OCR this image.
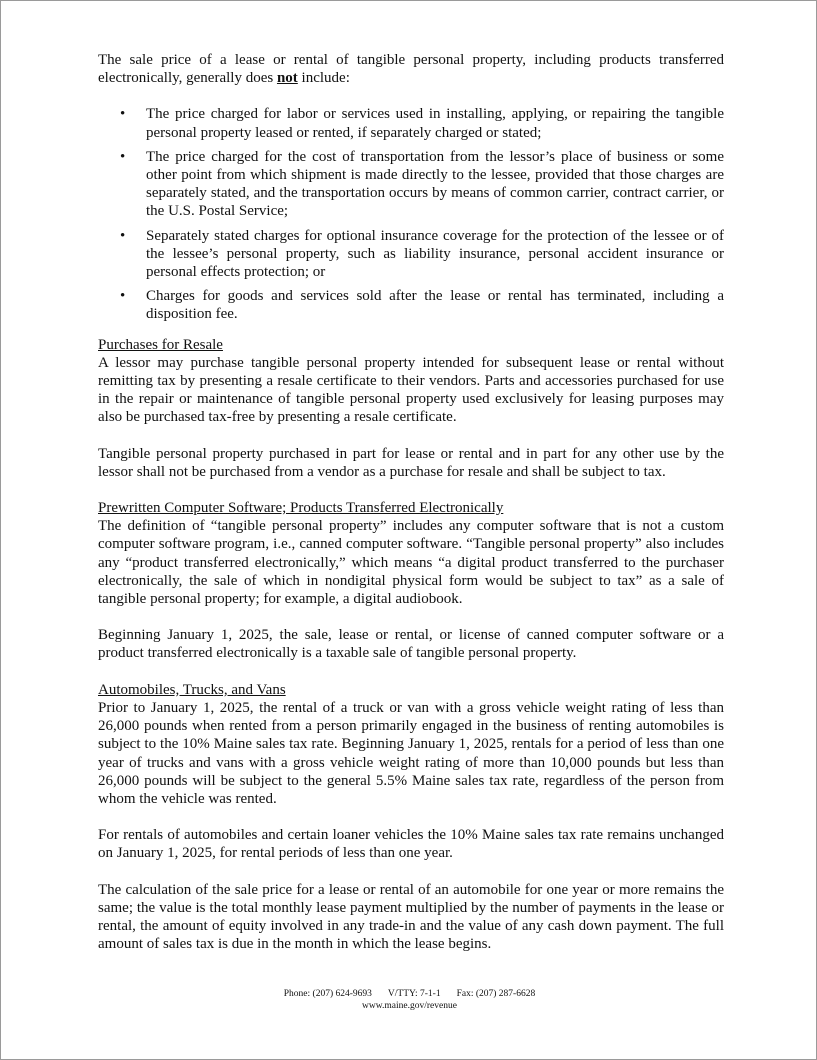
The sale price of a lease or rental of tangible personal property, including products transferred electronically, generally does not include:

• The price charged for labor or services used in installing, applying, or repairing the tangible personal property leased or rented, if separately charged or stated;
• The price charged for the cost of transportation from the lessor’s place of business or some other point from which shipment is made directly to the lessee, provided that those charges are separately stated, and the transportation occurs by means of common carrier, contract carrier, or the U.S. Postal Service;
• Separately stated charges for optional insurance coverage for the protection of the lessee or of the lessee’s personal property, such as liability insurance, personal accident insurance or personal effects protection; or
• Charges for goods and services sold after the lease or rental has terminated, including a disposition fee.

Purchases for Resale

A lessor may purchase tangible personal property intended for subsequent lease or rental without remitting tax by presenting a resale certificate to their vendors. Parts and accessories purchased for use in the repair or maintenance of tangible personal property used exclusively for leasing purposes may also be purchased tax-free by presenting a resale certificate.

Tangible personal property purchased in part for lease or rental and in part for any other use by the lessor shall not be purchased from a vendor as a purchase for resale and shall be subject to tax.

Prewritten Computer Software; Products Transferred Electronically

The definition of “tangible personal property” includes any computer software that is not a custom computer software program, i.e., canned computer software. “Tangible personal property” also includes any “product transferred electronically,” which means “a digital product transferred to the purchaser electronically, the sale of which in nondigital physical form would be subject to tax” as a sale of tangible personal property; for example, a digital audiobook.

Beginning January 1, 2025, the sale, lease or rental, or license of canned computer software or a product transferred electronically is a taxable sale of tangible personal property.

Automobiles, Trucks, and Vans

Prior to January 1, 2025, the rental of a truck or van with a gross vehicle weight rating of less than 26,000 pounds when rented from a person primarily engaged in the business of renting automobiles is subject to the 10% Maine sales tax rate. Beginning January 1, 2025, rentals for a period of less than one year of trucks and vans with a gross vehicle weight rating of more than 10,000 pounds but less than 26,000 pounds will be subject to the general 5.5% Maine sales tax rate, regardless of the person from whom the vehicle was rented.

For rentals of automobiles and certain loaner vehicles the 10% Maine sales tax rate remains unchanged on January 1, 2025, for rental periods of less than one year.

The calculation of the sale price for a lease or rental of an automobile for one year or more remains the same; the value is the total monthly lease payment multiplied by the number of payments in the lease or rental, the amount of equity involved in any trade-in and the value of any cash down payment. The full amount of sales tax is due in the month in which the lease begins.

Phone: (207) 624-9693 V/TTY: 7-1-1 Fax: (207) 287-6628
www.maine.gov/revenue
